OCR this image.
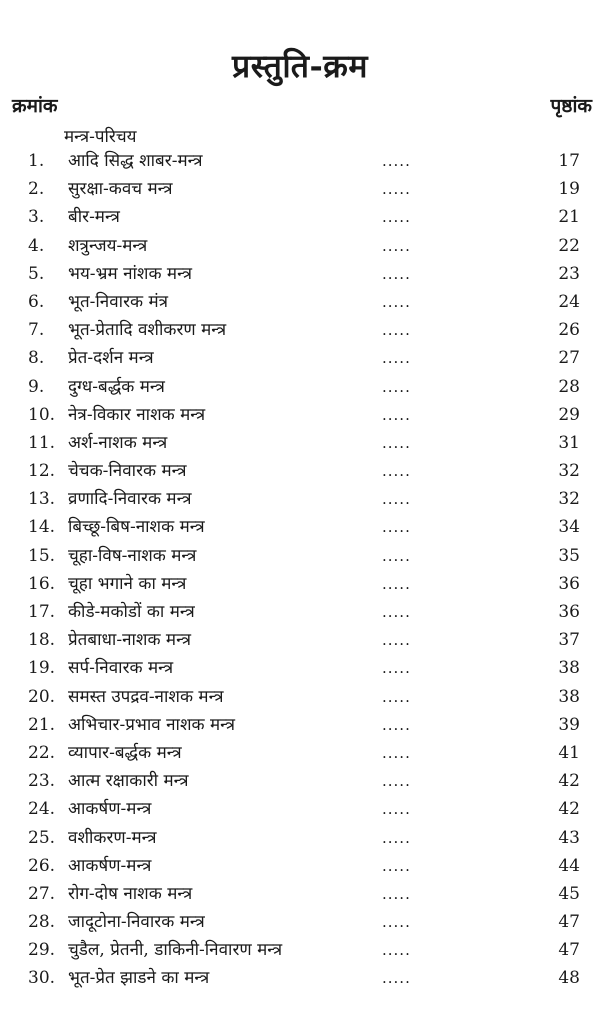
प्रस्तुति-क्रम
क्रमांक	पृष्ठांक
मन्त्र-परिचय
1.	आदि सिद्ध शाबर-मन्त्र	.....	17
2.	सुरक्षा-कवच मन्त्र	.....	19
3.	बीर-मन्त्र	.....	21
4.	शत्रुन्जय-मन्त्र	.....	22
5.	भय-भ्रम नांशक मन्त्र	.....	23
6.	भूत-निवारक मंत्र	.....	24
7.	भूत-प्रेतादि वशीकरण मन्त्र	.....	26
8.	प्रेत-दर्शन मन्त्र	.....	27
9.	दुग्ध-बर्द्धक मन्त्र	.....	28
10. नेत्र-विकार नाशक मन्त्र	.....	29
11. अर्श-नाशक मन्त्र	.....	31
12. चेचक-निवारक मन्त्र	.....	32
13. व्रणादि-निवारक मन्त्र	.....	32
14. बिच्छू-बिष-नाशक मन्त्र	.....	34
15. चूहा-विष-नाशक मन्त्र	.....	35
16. चूहा भगाने का मन्त्र	.....	36
17. कीडे-मकोडों का मन्त्र	.....	36
18. प्रेतबाधा-नाशक मन्त्र	.....	37
19. सर्प-निवारक मन्त्र	.....	38
20. समस्त उपद्रव-नाशक मन्त्र	.....	38
21. अभिचार-प्रभाव नाशक मन्त्र	.....	39
22. व्यापार-बर्द्धक मन्त्र	.....	41
23. आत्म रक्षाकारी मन्त्र	.....	42
24. आकर्षण-मन्त्र	.....	42
25. वशीकरण-मन्त्र	.....	43
26. आकर्षण-मन्त्र	.....	44
27. रोग-दोष नाशक मन्त्र	.....	45
28. जादूटोना-निवारक मन्त्र	.....	47
29. चुडैल, प्रेतनी, डाकिनी-निवारण मन्त्र	.....	47
30. भूत-प्रेत झाडने का मन्त्र	.....	48
